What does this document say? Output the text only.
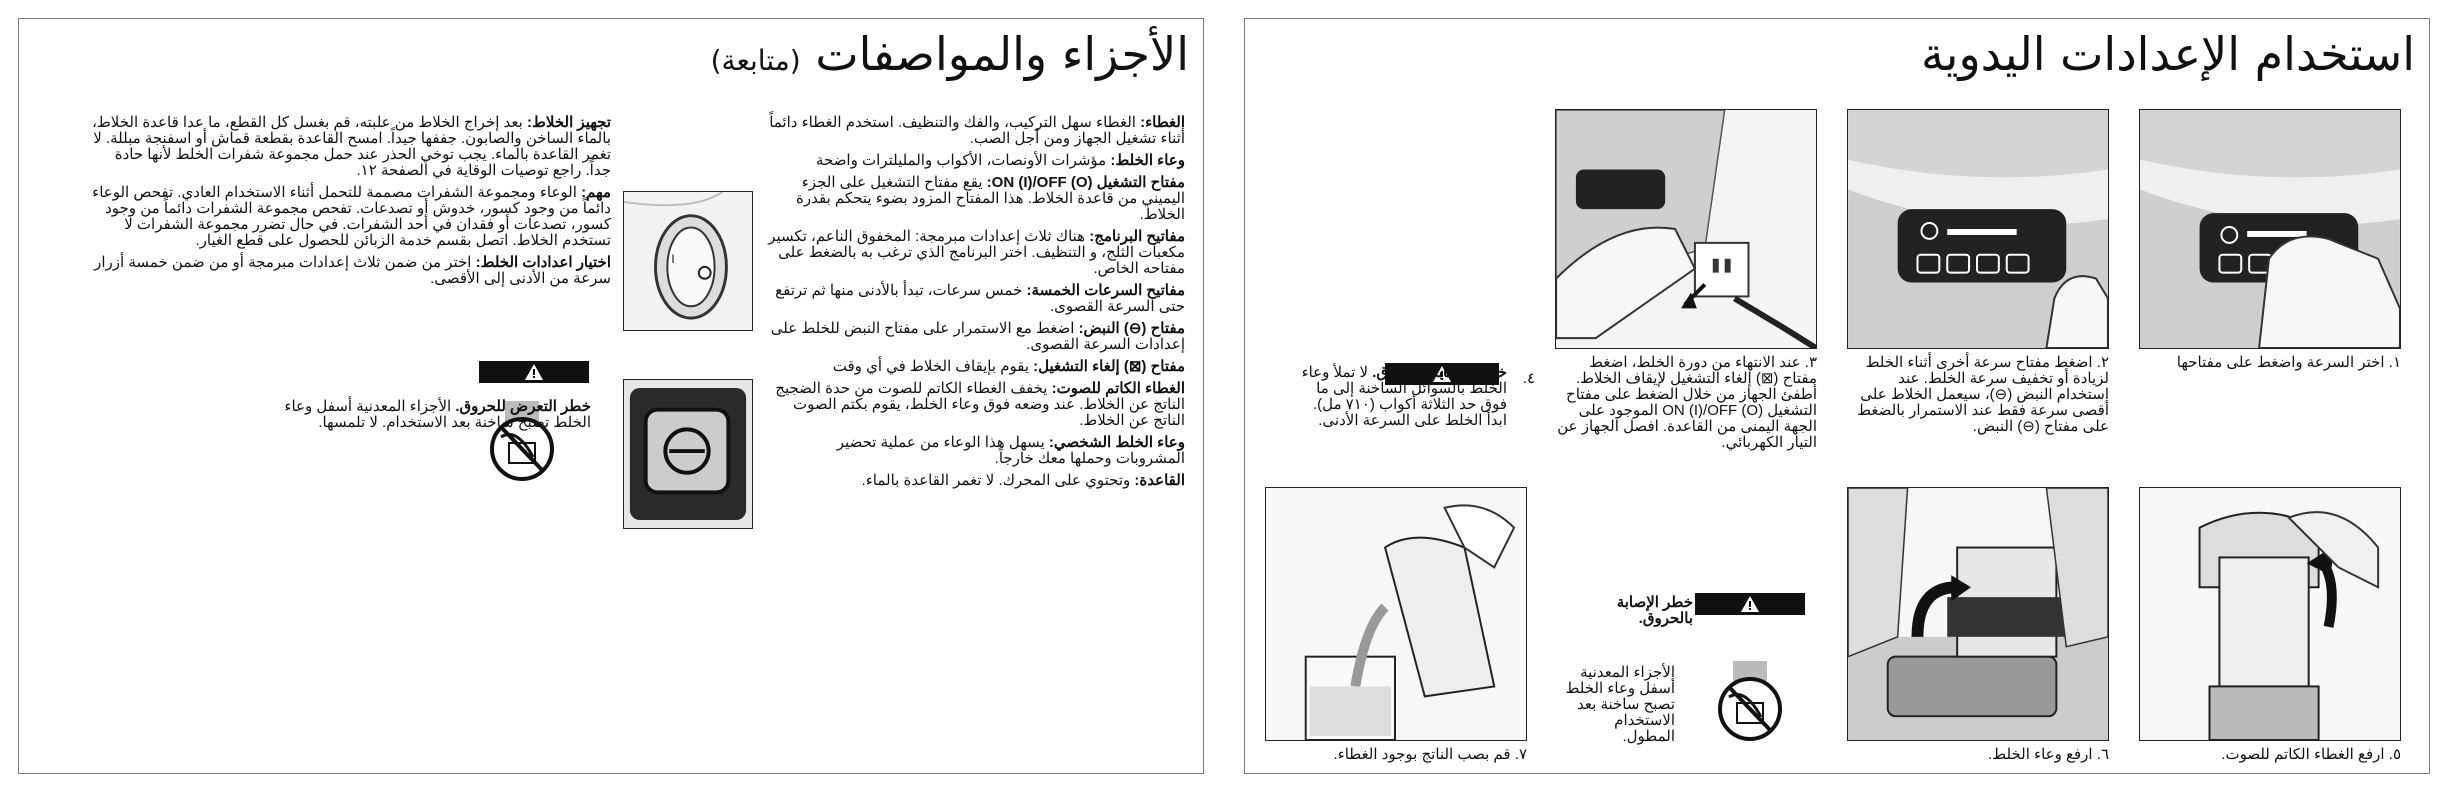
الأجزاء والمواصفات (متابعة)

الغطاء: الغطاء سهل التركيب، والفك والتنظيف. استخدم الغطاء دائماً أثناء تشغيل الجهاز ومن أجل الصب.

وعاء الخلط: مؤشرات الأونصات، الأكواب والمليلترات واضحة

مفتاح التشغيل (O) ON (I)/OFF: يقع مفتاح التشغيل على الجزء اليميني من قاعدة الخلاط. هذا المفتاح المزود بضوء يتحكم بقدرة الخلاط.

مفاتيح البرنامج: هناك ثلاث إعدادات مبرمجة: المخفوق الناعم، تكسير مكعبات الثلج، و التنظيف. اختر البرنامج الذي ترغب به بالضغط على مفتاحه الخاص.

مفاتيح السرعات الخمسة: خمس سرعات، تبدأ بالأدنى منها ثم ترتفع حتى السرعة القصوى.

مفتاح (⊖) النبض: اضغط مع الاستمرار على مفتاح النبض للخلط على إعدادات السرعة القصوى.

مفتاح (⊠) إلغاء التشغيل: يقوم بإيقاف الخلاط في أي وقت

الغطاء الكاتم للصوت: يخفف الغطاء الكاتم للصوت من حدة الضجيج الناتج عن الخلاط. عند وضعه فوق وعاء الخلط، يقوم بكتم الصوت الناتج عن الخلاط.

وعاء الخلط الشخصي: يسهل هذا الوعاء من عملية تحضير المشروبات وحملها معك خارجاً.

القاعدة: وتحتوي على المحرك. لا تغمر القاعدة بالماء.

I

تجهيز الخلاط: بعد إخراج الخلاط من علبته، قم بغسل كل القطع، ما عدا قاعدة الخلاط، بالماء الساخن والصابون. جففها جيداً. امسح القاعدة بقطعة قماش أو اسفنجة مبللة. لا تغمر القاعدة بالماء. يجب توخي الحذر عند حمل مجموعة شفرات الخلط لأنها حادة جداً. راجع توصيات الوقاية في الصفحة ١٢.

مهم: الوعاء ومجموعة الشفرات مصممة للتحمل أثناء الاستخدام العادي. تفحص الوعاء دائماً من وجود كسور، خدوش أو تصدعات. تفحص مجموعة الشفرات دائماً من وجود كسور، تصدعات أو فقدان في أحد الشفرات. في حال تضرر مجموعة الشفرات لا تستخدم الخلاط. اتصل بقسم خدمة الزبائن للحصول على قطع الغيار.

اختيار اعدادات الخلط: اختر من ضمن ثلاث إعدادات مبرمجة أو من ضمن خمسة أزرار سرعة من الأدنى إلى الأقصى.

خطر التعرض للحروق. الأجزاء المعدنية أسفل وعاء الخلط تصبح ساخنة بعد الاستخدام. لا تلمسها.
استخدام الإعدادات اليدوية
١. اختر السرعة واضغط على مفتاحها
٢. اضغط مفتاح سرعة أخرى أثناء الخلط لزيادة أو تخفيف سرعة الخلط. عند استخدام النبض (⊖)، سيعمل الخلاط على أقصى سرعة فقط عند الاستمرار بالضغط على مفتاح (⊖) النبض.
٣. عند الانتهاء من دورة الخلط، اضغط مفتاح (⊠) إلغاء التشغيل لإيقاف الخلاط. أطفئ الجهاز من خلال الضغط على مفتاح التشغيل (O) ON (I)/OFF الموجود على الجهة اليمنى من القاعدة. افصل الجهاز عن التيار الكهربائي.
٤.
خطر الإصابة بالحروق. لا تملأ وعاء الخلط بالسوائل الساخنة إلى ما فوق حد الثلاثة أكواب (٧١٠ مل). ابدأ الخلط على السرعة الأدنى.
٥. ارفع الغطاء الكاتم للصوت.
٦. ارفع وعاء الخلط.
٧. قم بصب الناتج بوجود الغطاء.
خطر الإصابة بالحروق.
الأجزاء المعدنية أسفل وعاء الخلط تصبح ساخنة بعد الاستخدام المطول.
